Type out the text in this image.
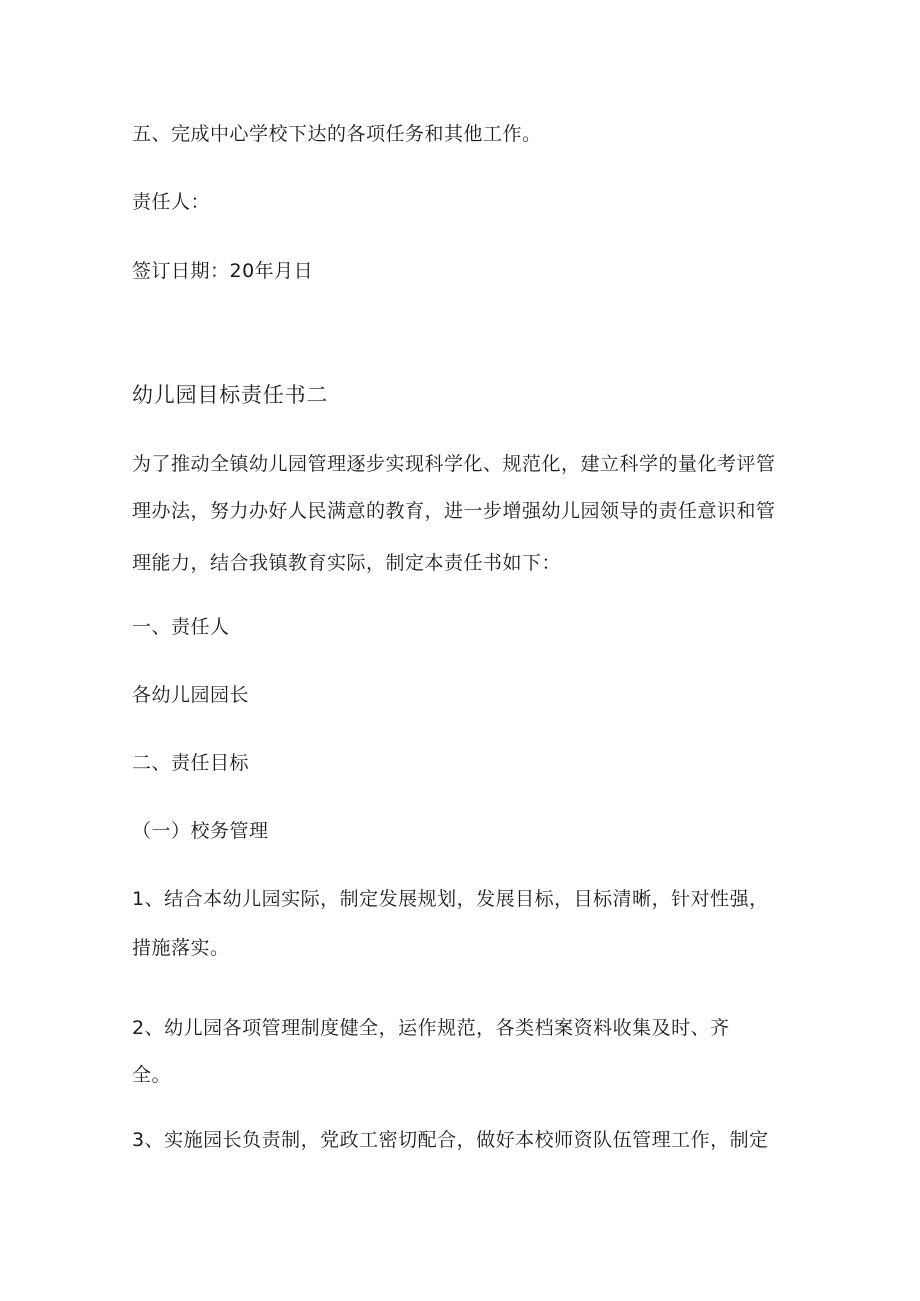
五、完成中心学校下达的各项任务和其他工作。
责任人：
签订日期：20年月日
幼儿园目标责任书二
为了推动全镇幼儿园管理逐步实现科学化、规范化，建立科学的量化考评管
理办法，努力办好人民满意的教育，进一步增强幼儿园领导的责任意识和管
理能力，结合我镇教育实际，制定本责任书如下：
一、责任人
各幼儿园园长
二、责任目标
（一）校务管理
1、结合本幼儿园实际，制定发展规划，发展目标，目标清晰，针对性强，
措施落实。
2、幼儿园各项管理制度健全，运作规范，各类档案资料收集及时、齐
全。
3、实施园长负责制，党政工密切配合，做好本校师资队伍管理工作，制定
